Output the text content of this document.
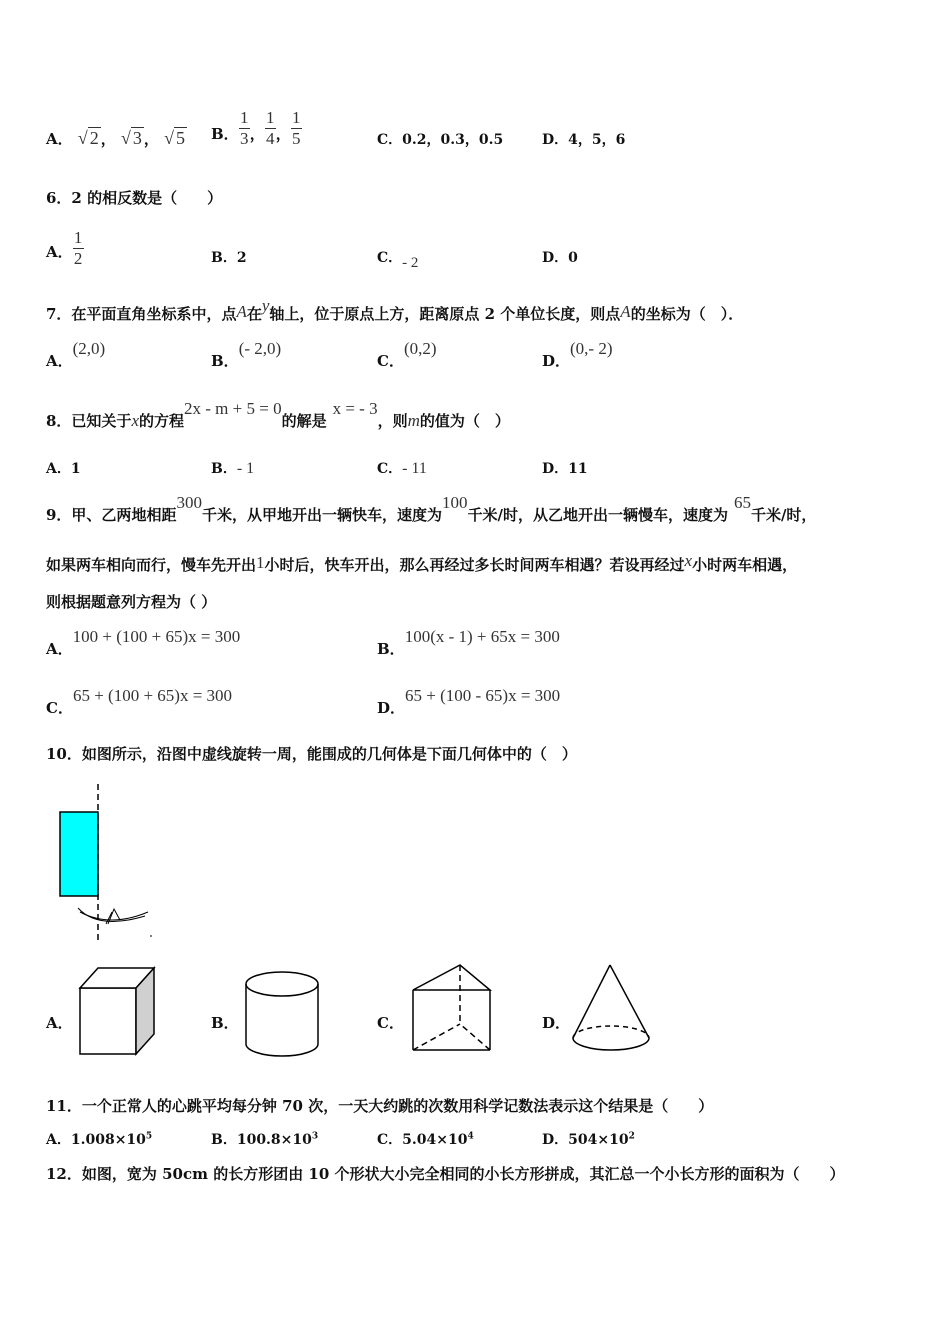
A． √ 2 ， √ 3 ， √ 5 B． $\frac{1}{3}$ ， $\frac{1}{4}$ ， $\frac{1}{5}$	C．0.2，0.3，0.5	D．4，5，6
6．2 的相反数是（　　）
A． $\frac{1}{2}$	B．2	C．- 2	D．0
7．在平面直角坐标系中，点A在y轴上，位于原点上方，距离原点 2 个单位长度，则点A的坐标为（　）．
A．(2,0)
B．(- 2,0)
C．(0,2)
D．(0,- 2)
8．已知关于x的方程2x - m + 5 = 0的解是x = - 3，则m的值为（　）
A．1	B．- 1	C．- 11	D．11
9．甲、乙两地相距300千米，从甲地开出一辆快车，速度为100千米/时，从乙地开出一辆慢车，速度为65千米/时，
如果两车相向而行，慢车先开出1小时后，快车开出，那么再经过多长时间两车相遇？若设再经过x小时两车相遇，
则根据题意列方程为（ ）
A．100 + (100 + 65)x = 300
B．100(x - 1) + 65x = 300
C．65 + (100 + 65)x = 300
D．65 + (100 - 65)x = 300
10．如图所示，沿图中虚线旋转一周，能围成的几何体是下面几何体中的（　）
A．	B．	C．	D．
11．一个正常人的心跳平均每分钟 70 次，一天大约跳的次数用科学记数法表示这个结果是（　　）
A．$1.008\times 10^5$	B．$100.8\times 10^3$	C．$5.04\times 10^4$	D．$504\times 10^2$
12．如图，宽为 50cm 的长方形团由 10 个形状大小完全相同的小长方形拼成，其汇总一个小长方形的面积为（　　）
